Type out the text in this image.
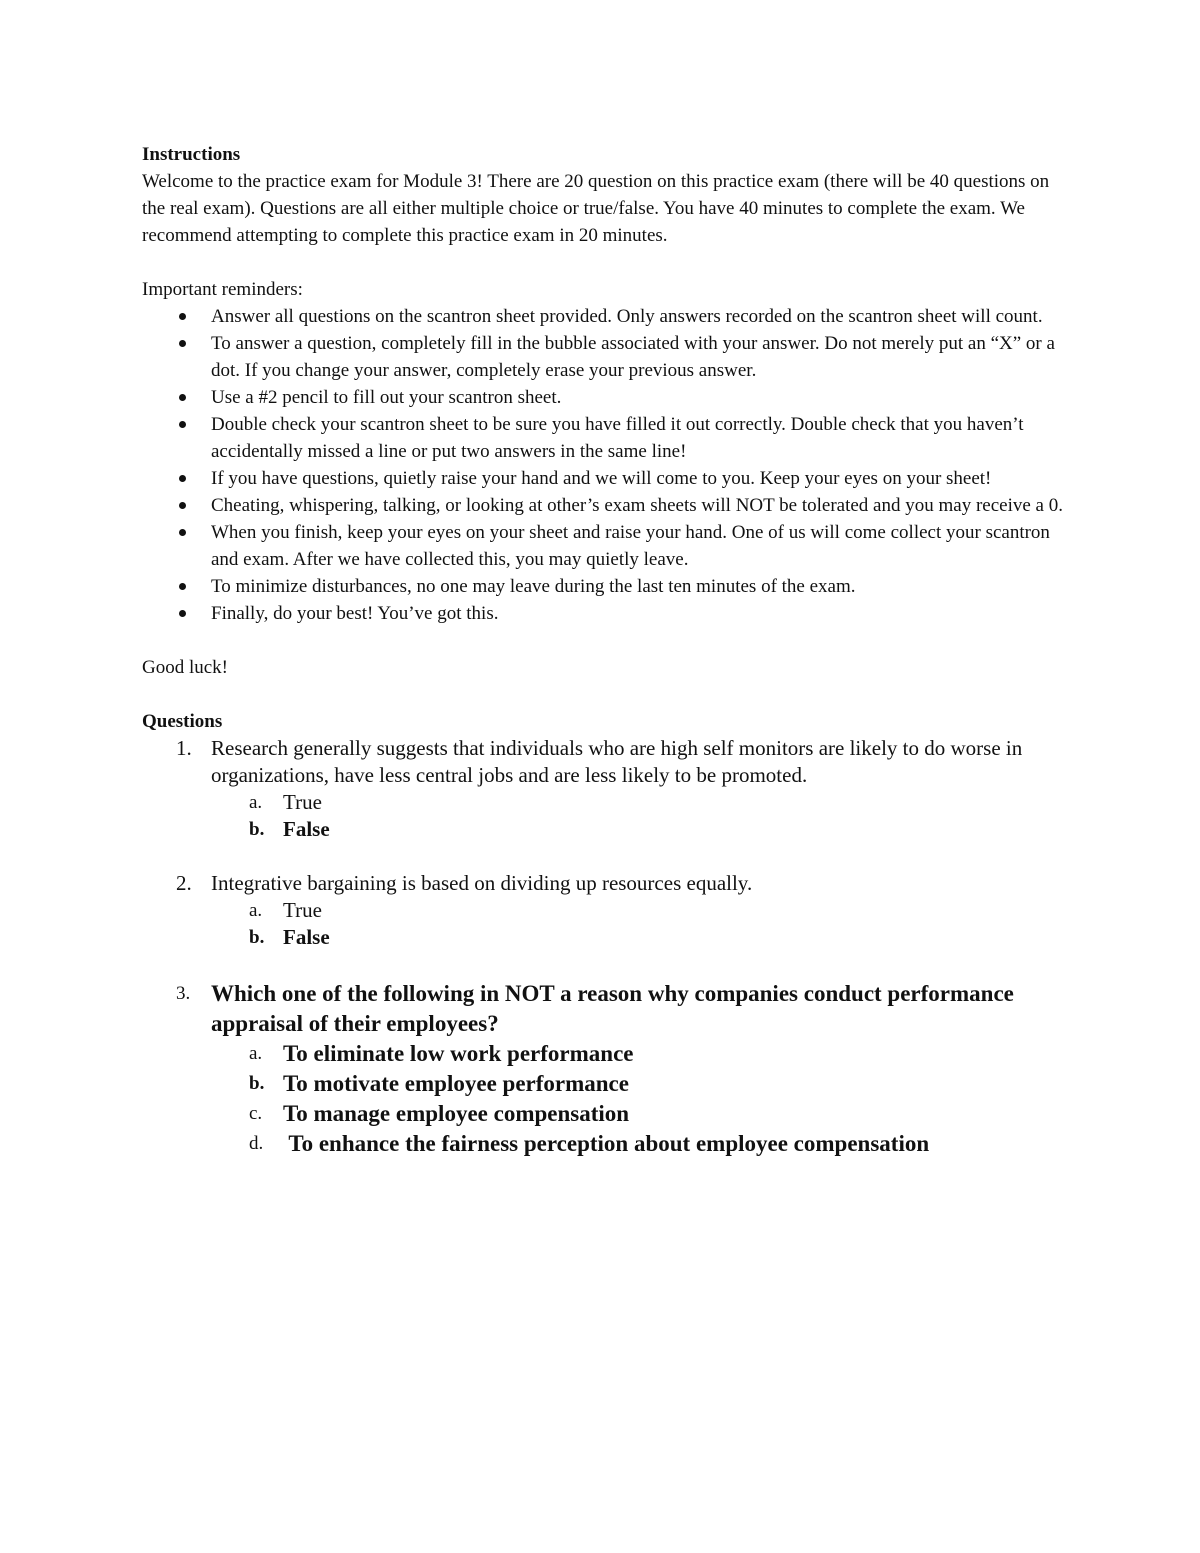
Instructions

Welcome to the practice exam for Module 3! There are 20 question on this practice exam (there will be 40 questions on the real exam). Questions are all either multiple choice or true/false. You have 40 minutes to complete the exam. We recommend attempting to complete this practice exam in 20 minutes.

Important reminders:

Answer all questions on the scantron sheet provided. Only answers recorded on the scantron sheet will count.
To answer a question, completely fill in the bubble associated with your answer. Do not merely put an “X” or a dot. If you change your answer, completely erase your previous answer.
Use a #2 pencil to fill out your scantron sheet.
Double check your scantron sheet to be sure you have filled it out correctly. Double check that you haven’t accidentally missed a line or put two answers in the same line!
If you have questions, quietly raise your hand and we will come to you. Keep your eyes on your sheet!
Cheating, whispering, talking, or looking at other’s exam sheets will NOT be tolerated and you may receive a 0.
When you finish, keep your eyes on your sheet and raise your hand. One of us will come collect your scantron and exam. After we have collected this, you may quietly leave.
To minimize disturbances, no one may leave during the last ten minutes of the exam.
Finally, do your best! You’ve got this.

Good luck!

Questions

1. Research generally suggests that individuals who are high self monitors are likely to do worse in organizations, have less central jobs and are less likely to be promoted.
a. True
b. False
2. Integrative bargaining is based on dividing up resources equally.
a. True
b. False
3. Which one of the following in NOT a reason why companies conduct performance appraisal of their employees?
a. To eliminate low work performance
b. To motivate employee performance
c. To manage employee compensation
d. To enhance the fairness perception about employee compensation
